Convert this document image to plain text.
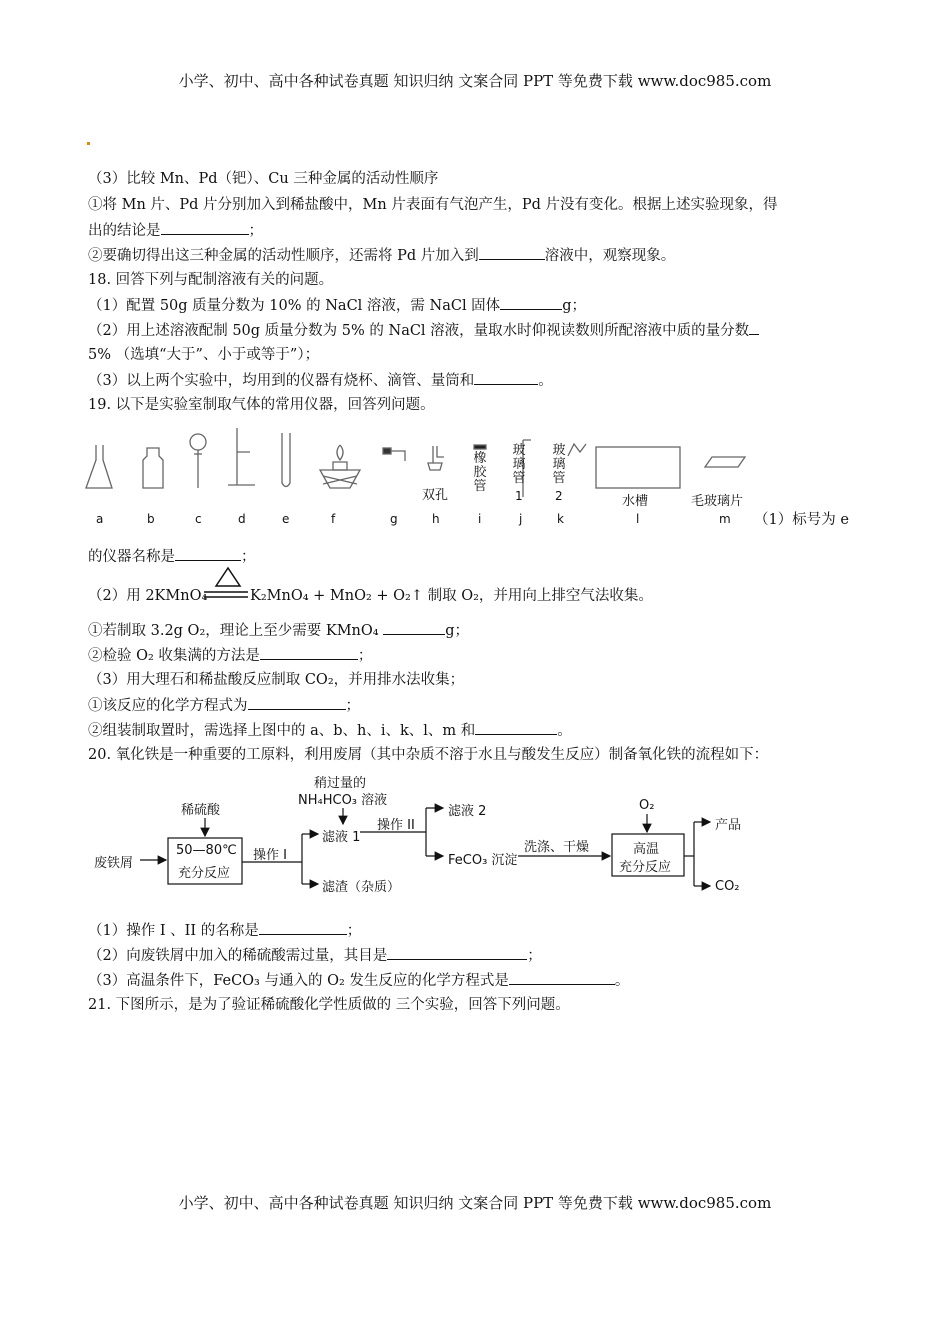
小学、初中、高中各种试卷真题 知识归纳 文案合同 PPT 等免费下载 www.doc985.com
小学、初中、高中各种试卷真题 知识归纳 文案合同 PPT 等免费下载 www.doc985.com
（3）比较 Mn、Pd（钯）、Cu 三种金属的活动性顺序
①将 Mn 片、Pd 片分别加入到稀盐酸中，Mn 片表面有气泡产生，Pd 片没有变化。根据上述实验现象，得
出的结论是	；
②要确切得出这三种金属的活动性顺序，还需将 Pd 片加入到	溶液中，观察现象。
18. 回答下列与配制溶液有关的问题。
（1）配置 50g 质量分数为 10% 的 NaCl 溶液，需 NaCl 固体	g；
（2）用上述溶液配制 50g 质量分数为 5% 的 NaCl 溶液，量取水时仰视读数则所配溶液中质的量分数
5% （选填“大于”、小于或等于”）；
（3）以上两个实验中，均用到的仪器有烧杯、滴管、量筒和	。
19. 以下是实验室制取气体的常用仪器，回答列问题。
双孔
橡胶管
玻璃管
1
玻璃管
2	水槽	毛玻璃片
a	b	c	d	e	f	g	h	i	j	k	l	m （1）标号为 e
的仪器名称是	；
（2）用 2KMnO₄	K₂MnO₄ + MnO₂ + O₂↑ 制取 O₂，并用向上排空气法收集。
①若制取 3.2g O₂，理论上至少需要 KMnO₄	g；
②检验 O₂ 收集满的方法是	；
（3）用大理石和稀盐酸反应制取 CO₂，并用排水法收集；
①该反应的化学方程式为	；
②组装制取置时，需选择上图中的 a、b、h、i、k、l、m 和	。
20. 氧化铁是一种重要的工原料，利用废屑（其中杂质不溶于水且与酸发生反应）制备氧化铁的流程如下：
稀硫酸
废铁屑
50—80℃
充分反应
操作 I
稍过量的
NH₄HCO₃ 溶液
滤液 1
滤渣（杂质）
操作 II
滤液 2
FeCO₃ 沉淀
洗涤、干燥
O₂
高温
充分反应
产品
CO₂
（1）操作 I 、II 的名称是	；
（2）向废铁屑中加入的稀硫酸需过量，其目是	；
（3）高温条件下，FeCO₃ 与通入的 O₂ 发生反应的化学方程式是	。
21. 下图所示，是为了验证稀硫酸化学性质做的 三个实验，回答下列问题。
